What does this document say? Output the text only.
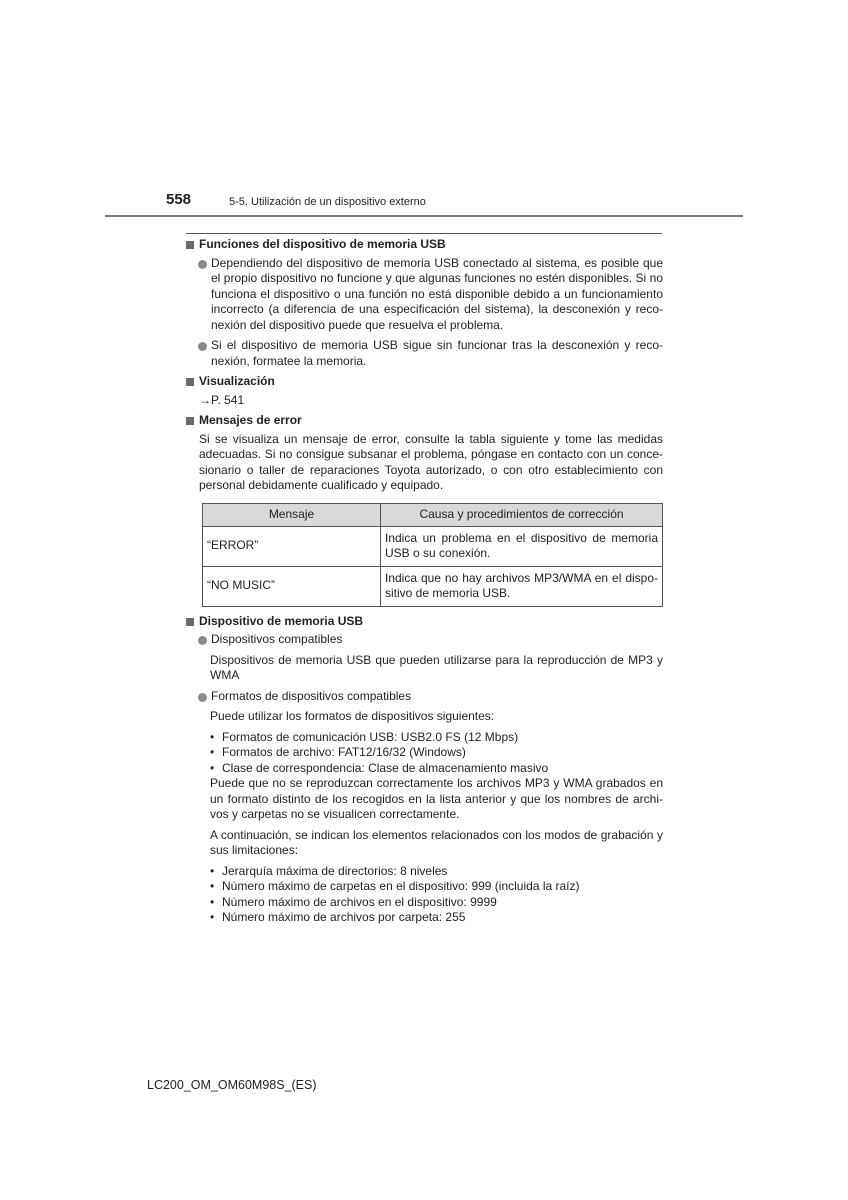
558	5-5. Utilización de un dispositivo externo

Funciones del dispositivo de memoria USB

Dependiendo del dispositivo de memoria USB conectado al sistema, es posible que el propio dispositivo no funcione y que algunas funciones no estén disponibles. Si no funciona el dispositivo o una función no está disponible debido a un funcionamiento incorrecto (a diferencia de una especificación del sistema), la desconexión y reco-nexión del dispositivo puede que resuelva el problema.

Si el dispositivo de memoria USB sigue sin funcionar tras la desconexión y reco-nexión, formatee la memoria.

Visualización

→P. 541

Mensajes de error

Si se visualiza un mensaje de error, consulte la tabla siguiente y tome las medidas adecuadas. Si no consigue subsanar el problema, póngase en contacto con un conce-sionario o taller de reparaciones Toyota autorizado, o con otro establecimiento con personal debidamente cualificado y equipado.

Mensaje	Causa y procedimientos de corrección
“ERROR”	Indica un problema en el dispositivo de memoria USB o su conexión.
“NO MUSIC”	Indica que no hay archivos MP3/WMA en el dispo-sitivo de memoria USB.

Dispositivo de memoria USB

Dispositivos compatibles

Dispositivos de memoria USB que pueden utilizarse para la reproducción de MP3 y WMA

Formatos de dispositivos compatibles

Puede utilizar los formatos de dispositivos siguientes:

• Formatos de comunicación USB: USB2.0 FS (12 Mbps)
• Formatos de archivo: FAT12/16/32 (Windows)
• Clase de correspondencia: Clase de almacenamiento masivo

Puede que no se reproduzcan correctamente los archivos MP3 y WMA grabados en un formato distinto de los recogidos en la lista anterior y que los nombres de archi-vos y carpetas no se visualicen correctamente.

A continuación, se indican los elementos relacionados con los modos de grabación y sus limitaciones:

• Jerarquía máxima de directorios: 8 niveles
• Número máximo de carpetas en el dispositivo: 999 (incluida la raíz)
• Número máximo de archivos en el dispositivo: 9999
• Número máximo de archivos por carpeta: 255
LC200_OM_OM60M98S_(ES)
